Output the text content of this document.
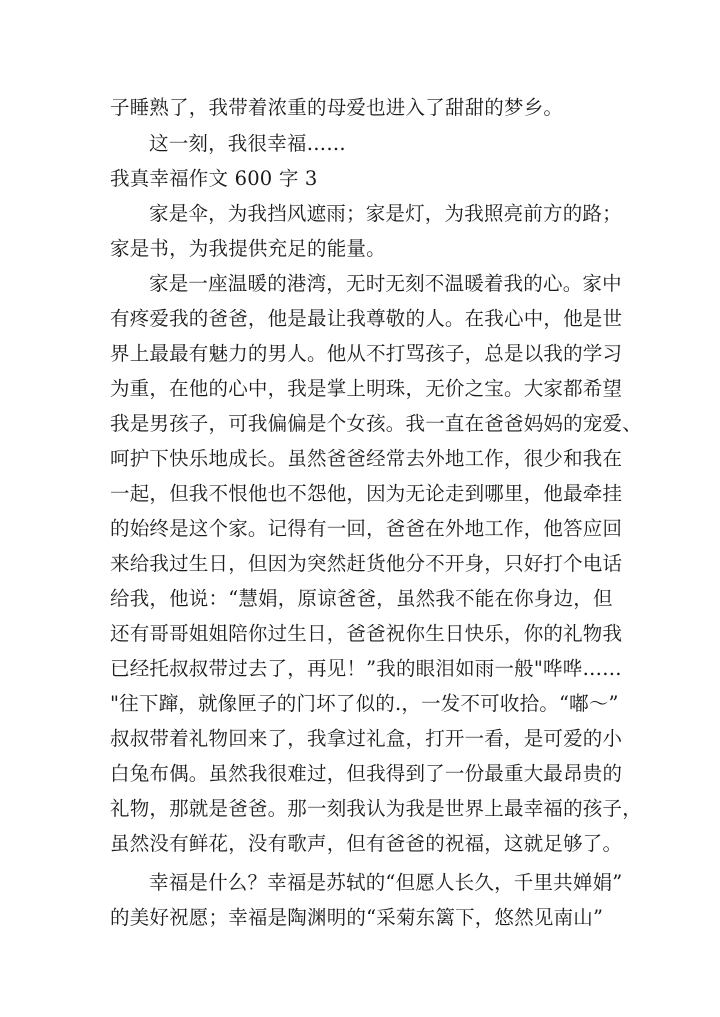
子睡熟了，我带着浓重的母爱也进入了甜甜的梦乡。
这一刻，我很幸福……
我真幸福作文 600 字 3
家是伞，为我挡风遮雨；家是灯，为我照亮前方的路；
家是书，为我提供充足的能量。
家是一座温暖的港湾，无时无刻不温暖着我的心。家中
有疼爱我的爸爸，他是最让我尊敬的人。在我心中，他是世
界上最最有魅力的男人。他从不打骂孩子，总是以我的学习
为重，在他的心中，我是掌上明珠，无价之宝。大家都希望
我是男孩子，可我偏偏是个女孩。我一直在爸爸妈妈的宠爱、
呵护下快乐地成长。虽然爸爸经常去外地工作，很少和我在
一起，但我不恨他也不怨他，因为无论走到哪里，他最牵挂
的始终是这个家。记得有一回，爸爸在外地工作，他答应回
来给我过生日，但因为突然赶货他分不开身，只好打个电话
给我，他说：“慧娟，原谅爸爸，虽然我不能在你身边，但
还有哥哥姐姐陪你过生日，爸爸祝你生日快乐，你的礼物我
已经托叔叔带过去了，再见！”我的眼泪如雨一般"哗哗……
"往下蹿，就像匣子的门坏了似的.，一发不可收拾。“嘟～”
叔叔带着礼物回来了，我拿过礼盒，打开一看，是可爱的小
白兔布偶。虽然我很难过，但我得到了一份最重大最昂贵的
礼物，那就是爸爸。那一刻我认为我是世界上最幸福的孩子，
虽然没有鲜花，没有歌声，但有爸爸的祝福，这就足够了。
幸福是什么？幸福是苏轼的“但愿人长久，千里共婵娟”
的美好祝愿；幸福是陶渊明的“采菊东篱下，悠然见南山”
